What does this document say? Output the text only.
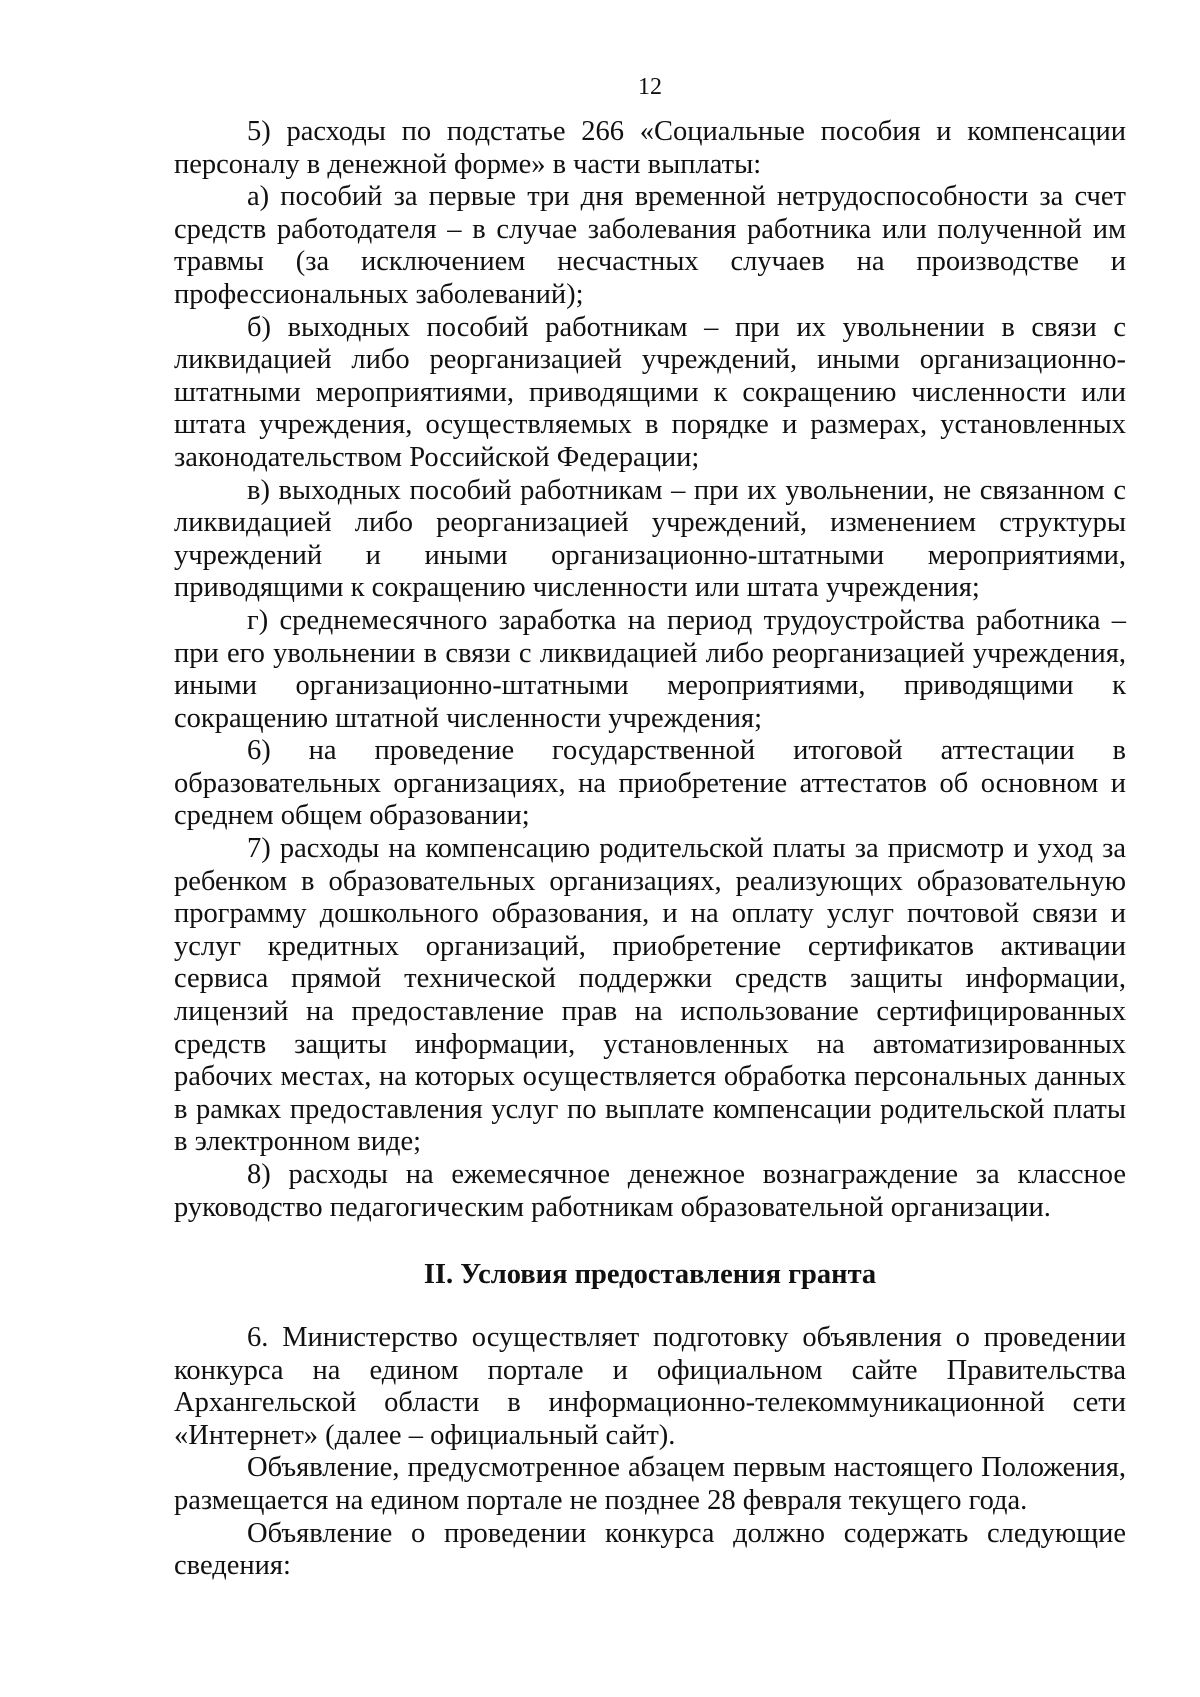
12

5) расходы по подстатье 266 «Социальные пособия и компенсации персоналу в денежной форме» в части выплаты:

а) пособий за первые три дня временной нетрудоспособности за счет средств работодателя – в случае заболевания работника или полученной им травмы (за исключением несчастных случаев на производстве и профессиональных заболеваний);

б) выходных пособий работникам – при их увольнении в связи с ликвидацией либо реорганизацией учреждений, иными организационно-штатными мероприятиями, приводящими к сокращению численности или штата учреждения, осуществляемых в порядке и размерах, установленных законодательством Российской Федерации;

в) выходных пособий работникам – при их увольнении, не связанном с ликвидацией либо реорганизацией учреждений, изменением структуры учреждений и иными организационно-штатными мероприятиями, приводящими к сокращению численности или штата учреждения;

г) среднемесячного заработка на период трудоустройства работника – при его увольнении в связи с ликвидацией либо реорганизацией учреждения, иными организационно-штатными мероприятиями, приводящими к сокращению штатной численности учреждения;

6) на проведение государственной итоговой аттестации в образовательных организациях, на приобретение аттестатов об основном и среднем общем образовании;

7) расходы на компенсацию родительской платы за присмотр и уход за ребенком в образовательных организациях, реализующих образовательную программу дошкольного образования, и на оплату услуг почтовой связи и услуг кредитных организаций, приобретение сертификатов активации сервиса прямой технической поддержки средств защиты информации, лицензий на предоставление прав на использование сертифицированных средств защиты информации, установленных на автоматизированных рабочих местах, на которых осуществляется обработка персональных данных в рамках предоставления услуг по выплате компенсации родительской платы в электронном виде;

8) расходы на ежемесячное денежное вознаграждение за классное руководство педагогическим работникам образовательной организации.

II. Условия предоставления гранта

6. Министерство осуществляет подготовку объявления о проведении конкурса на едином портале и официальном сайте Правительства Архангельской области в информационно-телекоммуникационной сети «Интернет» (далее – официальный сайт).

Объявление, предусмотренное абзацем первым настоящего Положения, размещается на едином портале не позднее 28 февраля текущего года.

Объявление о проведении конкурса должно содержать следующие сведения:
